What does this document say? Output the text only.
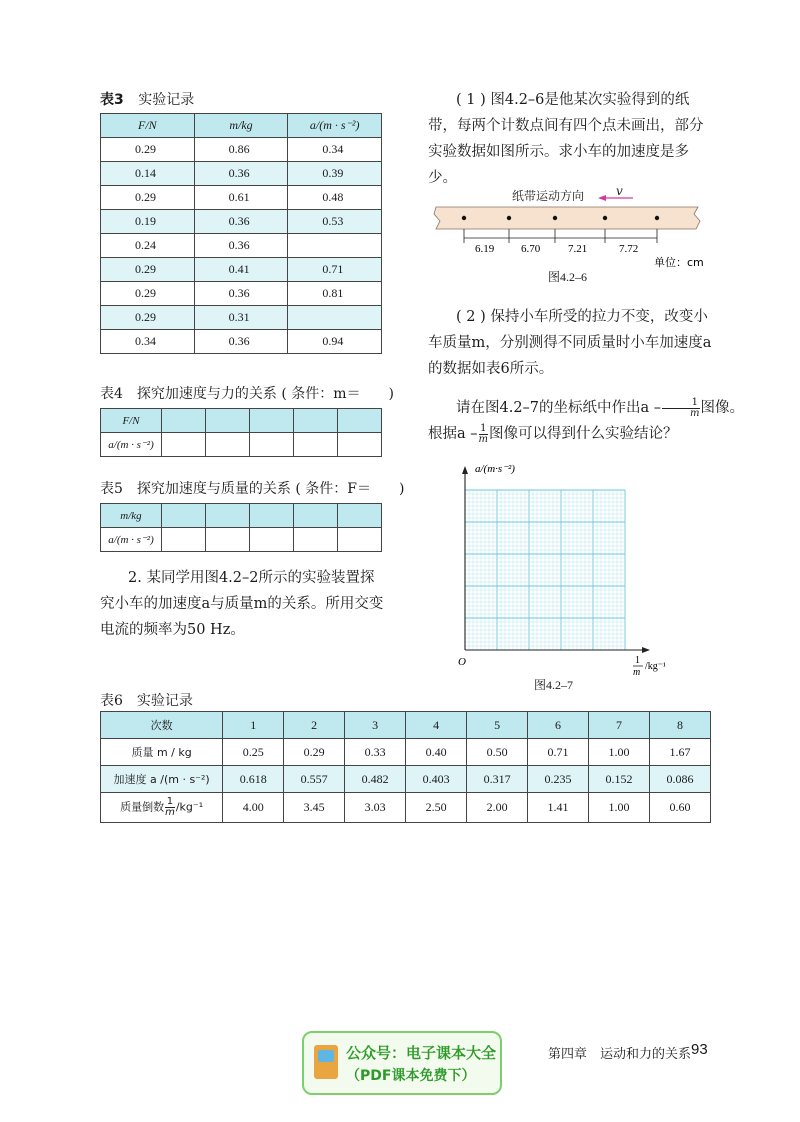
表3 实验记录
F/N	m/kg	a/(m · s⁻²)
0.29	0.86	0.34
0.14	0.36	0.39
0.29	0.61	0.48
0.19	0.36	0.53
0.24	0.36	
0.29	0.41	0.71
0.29	0.36	0.81
0.29	0.31	
0.34	0.36	0.94
表4　探究加速度与力的关系 ( 条件：m＝　　)
F/N					
a/(m · s⁻²)					
表5　探究加速度与质量的关系 ( 条件：F＝　　)
m/kg					
a/(m · s⁻²)					
2. 某同学用图4.2–2所示的实验装置探究小车的加速度a与质量m的关系。所用交变电流的频率为50 Hz。
( 1 ) 图4.2–6是他某次实验得到的纸带，每两个计数点间有四个点未画出，部分实验数据如图所示。求小车的加速度是多少。
纸带运动方向	v
6.19 6.70	7.21	7.72
单位：cm
图4.2–6
( 2 ) 保持小车所受的拉力不变，改变小车质量m，分别测得不同质量时小车加速度a的数据如表6所示。
请在图4.2–7的坐标纸中作出a – $\frac{1}{m}$ 图像。
根据a – $\frac{1}{m}$ 图像可以得到什么实验结论？
a/(m·s⁻²)
O	1
m
/kg⁻¹
图4.2–7
表6　实验记录
次数	1	2	3	4	5	6	7	8
质量 m / kg	0.25	0.29	0.33	0.40	0.50	0.71	1.00	1.67
加速度 a /(m · s⁻²)	0.618	0.557	0.482	0.403	0.317	0.235	0.152	0.086
质量倒数 $\frac{1}{m} /kg^{-1}$	4.00	3.45	3.03	2.50	2.00	1.41	1.00	0.60
第四章　运动和力的关系 93
公众号：电子课本大全
（PDF课本免费下）
